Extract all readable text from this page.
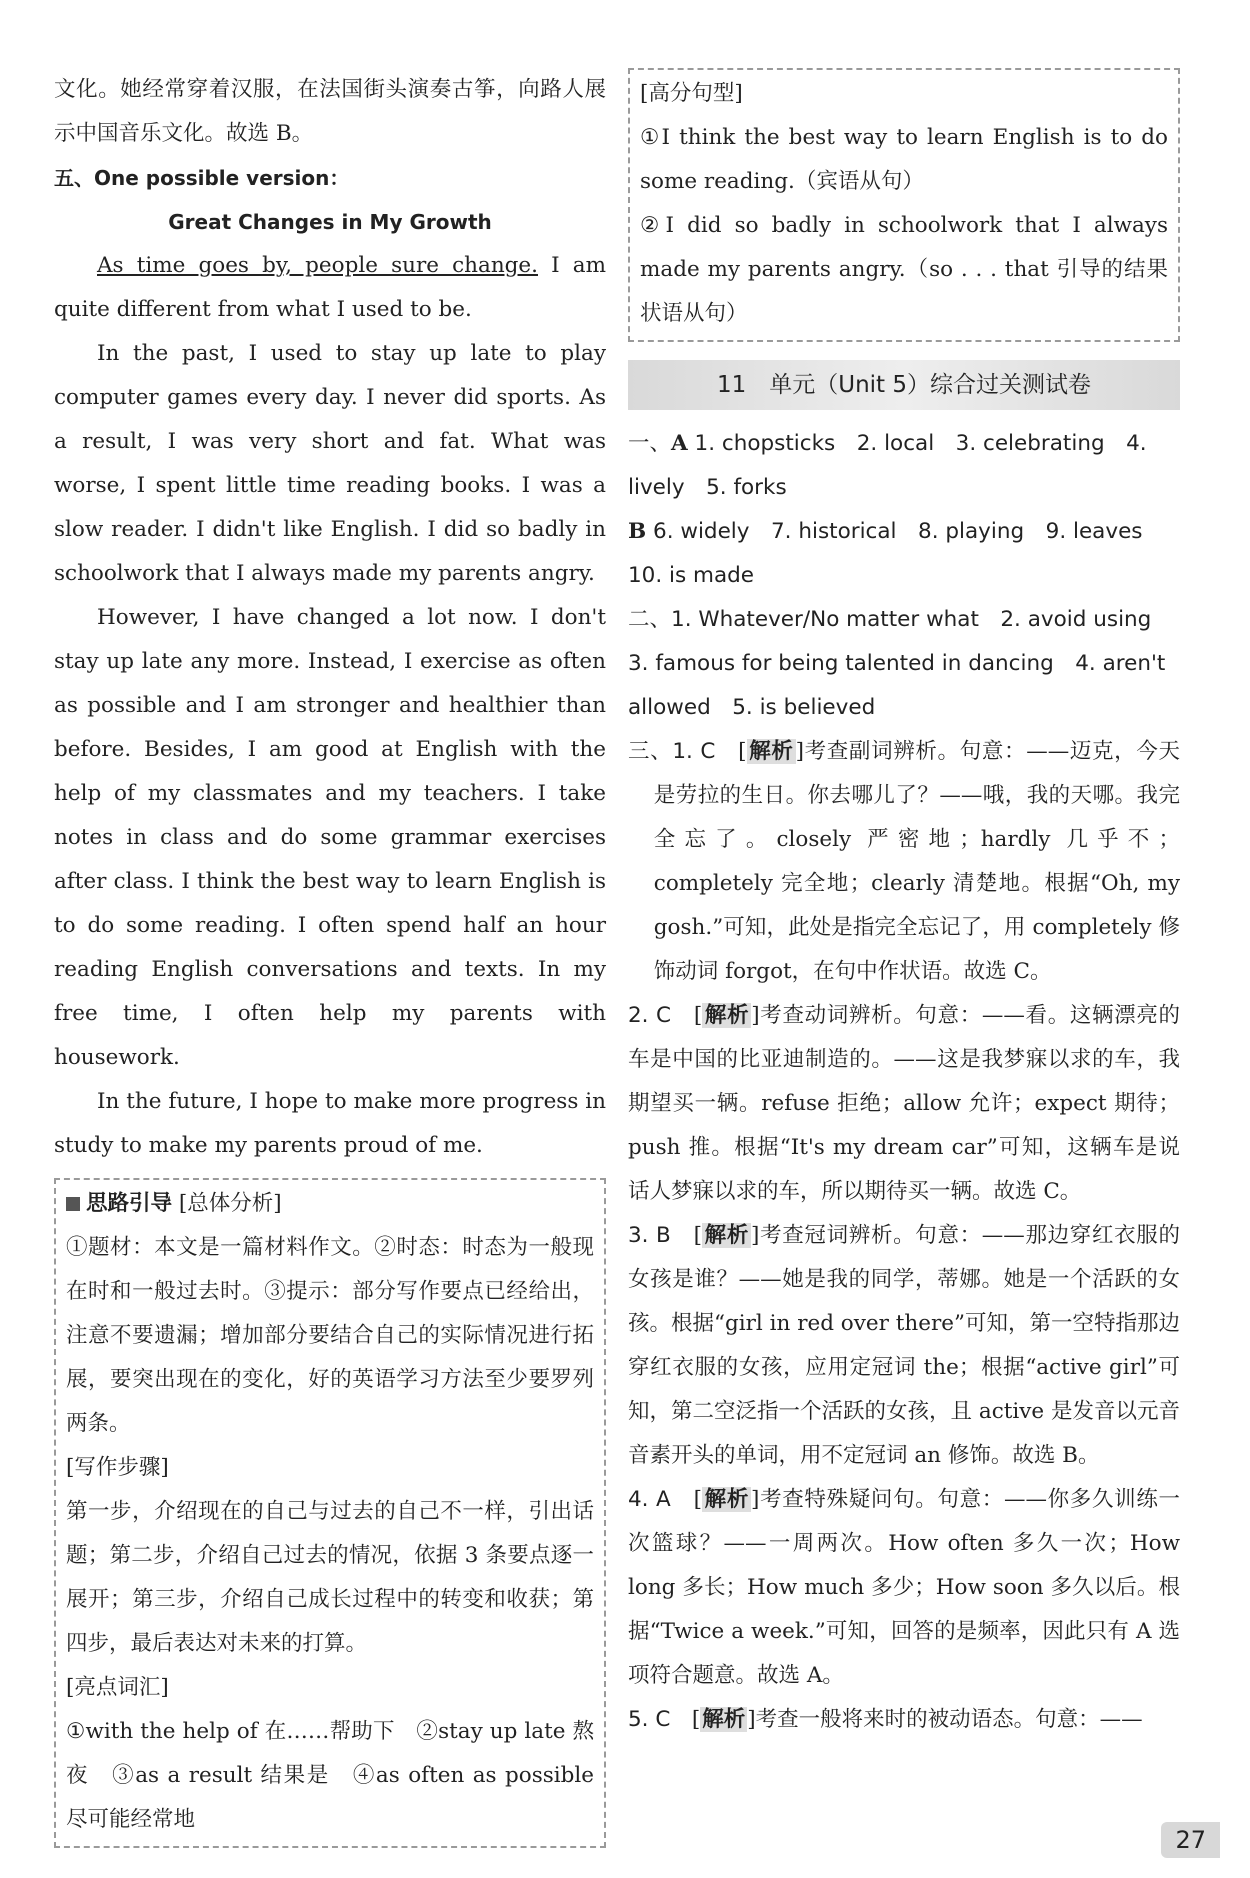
文化。她经常穿着汉服，在法国街头演奏古筝，向路人展示中国音乐文化。故选 B。

五、One possible version：

Great Changes in My Growth

As time goes by, people sure change. I am quite different from what I used to be.

In the past, I used to stay up late to play computer games every day. I never did sports. As a result, I was very short and fat. What was worse, I spent little time reading books. I was a slow reader. I didn't like English. I did so badly in schoolwork that I always made my parents angry.

However, I have changed a lot now. I don't stay up late any more. Instead, I exercise as often as possible and I am stronger and healthier than before. Besides, I am good at English with the help of my classmates and my teachers. I take notes in class and do some grammar exercises after class. I think the best way to learn English is to do some reading. I often spend half an hour reading English conversations and texts. In my free time, I often help my parents with housework.

In the future, I hope to make more progress in study to make my parents proud of me.

思路引导 [总体分析]

①题材：本文是一篇材料作文。②时态：时态为一般现在时和一般过去时。③提示：部分写作要点已经给出，注意不要遗漏；增加部分要结合自己的实际情况进行拓展，要突出现在的变化，好的英语学习方法至少要罗列两条。

[写作步骤]

第一步，介绍现在的自己与过去的自己不一样，引出话题；第二步，介绍自己过去的情况，依据 3 条要点逐一展开；第三步，介绍自己成长过程中的转变和收获；第四步，最后表达对未来的打算。

[亮点词汇]

①with the help of 在……帮助下　②stay up late 熬夜　③as a result 结果是　④as often as possible 尽可能经常地

[高分句型]

①I think the best way to learn English is to do some reading.（宾语从句）

②I did so badly in schoolwork that I always made my parents angry.（so . . . that 引导的结果状语从句）

11　单元（Unit 5）综合过关测试卷

一、A 1. chopsticks　2. local　3. celebrating　4. lively　5. forks

B 6. widely　7. historical　8. playing　9. leaves　10. is made

二、1. Whatever/No matter what　2. avoid using　3. famous for being talented in dancing　4. aren't allowed　5. is believed

三、1. C　[解析]考查副词辨析。句意：——迈克，今天是劳拉的生日。你去哪儿了？——哦，我的天哪。我完全忘了。closely 严密地；hardly 几乎不；completely 完全地；clearly 清楚地。根据“Oh, my gosh.”可知，此处是指完全忘记了，用 completely 修饰动词 forgot，在句中作状语。故选 C。

2. C　[解析]考查动词辨析。句意：——看。这辆漂亮的车是中国的比亚迪制造的。——这是我梦寐以求的车，我期望买一辆。refuse 拒绝；allow 允许；expect 期待；push 推。根据“It's my dream car”可知，这辆车是说话人梦寐以求的车，所以期待买一辆。故选 C。

3. B　[解析]考查冠词辨析。句意：——那边穿红衣服的女孩是谁？——她是我的同学，蒂娜。她是一个活跃的女孩。根据“girl in red over there”可知，第一空特指那边穿红衣服的女孩，应用定冠词 the；根据“active girl”可知，第二空泛指一个活跃的女孩，且 active 是发音以元音音素开头的单词，用不定冠词 an 修饰。故选 B。

4. A　[解析]考查特殊疑问句。句意：——你多久训练一次篮球？——一周两次。How often 多久一次；How long 多长；How much 多少；How soon 多久以后。根据“Twice a week.”可知，回答的是频率，因此只有 A 选项符合题意。故选 A。

5. C　[解析]考查一般将来时的被动语态。句意：——

27
